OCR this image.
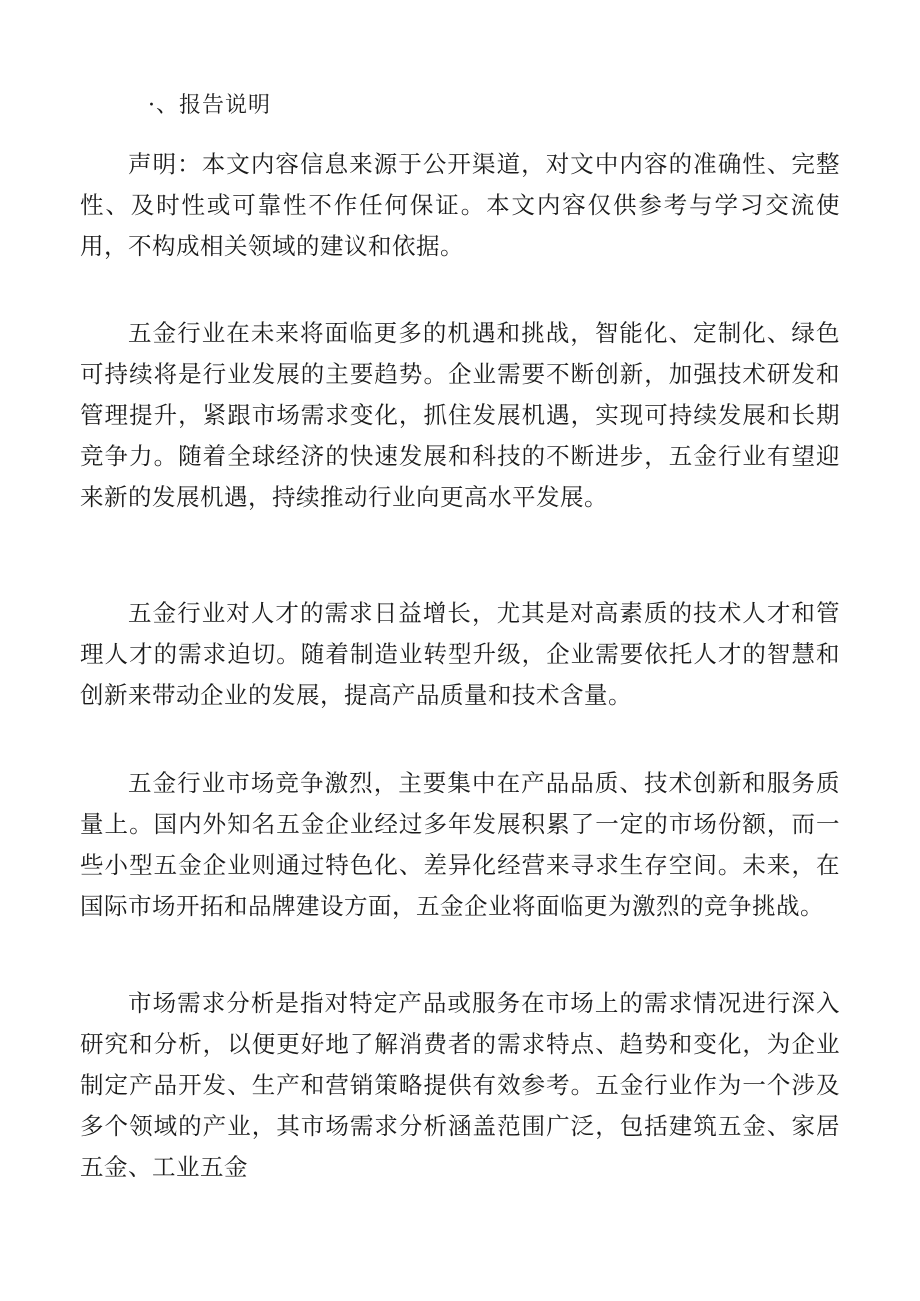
·、报告说明

声明：本文内容信息来源于公开渠道，对文中内容的准确性、完整性、及时性或可靠性不作任何保证。本文内容仅供参考与学习交流使用，不构成相关领域的建议和依据。

五金行业在未来将面临更多的机遇和挑战，智能化、定制化、绿色可持续将是行业发展的主要趋势。企业需要不断创新，加强技术研发和管理提升，紧跟市场需求变化，抓住发展机遇，实现可持续发展和长期竞争力。随着全球经济的快速发展和科技的不断进步，五金行业有望迎来新的发展机遇，持续推动行业向更高水平发展。

五金行业对人才的需求日益增长，尤其是对高素质的技术人才和管理人才的需求迫切。随着制造业转型升级，企业需要依托人才的智慧和创新来带动企业的发展，提高产品质量和技术含量。

五金行业市场竞争激烈，主要集中在产品品质、技术创新和服务质量上。国内外知名五金企业经过多年发展积累了一定的市场份额，而一些小型五金企业则通过特色化、差异化经营来寻求生存空间。未来，在国际市场开拓和品牌建设方面，五金企业将面临更为激烈的竞争挑战。

市场需求分析是指对特定产品或服务在市场上的需求情况进行深入研究和分析，以便更好地了解消费者的需求特点、趋势和变化，为企业制定产品开发、生产和营销策略提供有效参考。五金行业作为一个涉及多个领域的产业，其市场需求分析涵盖范围广泛，包括建筑五金、家居五金、工业五金
